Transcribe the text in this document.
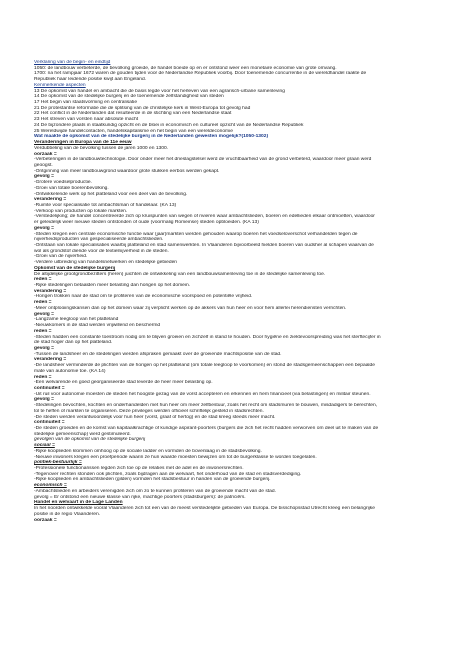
Verklaring van de begin- en eindtijd
1050: de landbouw verbeterde, de bevolking groeide, de handel boeide op en er ontstond weer een monetaire economie van grote omvang.
1700: na het rampjaar 1672 waren de gouden tijden voor de Nederlandse Republiek voorbij. Door toenemende concurrentie in de wereldhandel raakte de
Republiek haar leidende positie kwijt aan Engeland.
Kenmerkende aspecten
13 De opkomst van handel en ambacht die de basis legde voor het herleven van een agrarisch-urbane samenleving
14 De opkomst van de stedelijke burgerij en de toenemende zelfstandigheid van steden
17 Het begin van staatsvorming en centralisatie
21 De protestantse reformatie die de splitsing van de christelijke kerk in West-Europa tot gevolg had
22 Het conflict in de Nederlanden dat resulteerde in de stichting van een Nederlandse staat
23 Het streven van vorsten naar absolute macht
24 De bijzondere plaats in staatkundig opzicht en de bloei in economisch en cultureel opzicht van de Nederlandse Republiek
25 Wereldwijde handelcontacten, handelskapitalisme en het begin van een wereldeconomie
Wat maakte de opkomst van de stedelijke burgerij in de Nederlanden gewesten mogelijk?(1050-1302)
Veranderingen in Europa van de 11e eeuw
Verdubbeling van de bevolking tussen de jaren 1000 en 1300.
oorzaak =
-Verbeteringen in de landbouwtechnologie. Door onder meer het drieslagstelsel werd de vruchtbaarheid van de grond verbeterd, waardoor meer graan werd
geoogst.
-Ontginning van meer landbouwgrond waardoor grote stukken eerbos werden gekapt.
gevolg =
-Grotere voedselproductie.
-Groei van totale boerenbevolking.
-Ontwikkelende werk op het platteland voor een deel van de bevolking.
verandering =
-Ruimte voor specialisatie tot ambachtsman of handelaar. (KA 13)
-Verkoop van producten op lokale markten.
-Verstedelijking; de handel concentreerde zich op kruispunten van wegen of rivieren waar ambachtslieden, boeren en edellieden elkaar ontmoetten, waardoor
er geleidelijk weer nieuwe steden ontstonden of oude (voormalig Romeinse) steden opbloeiden. (KA 13)
gevolg =
-Steden kregen een centrale economische functie waar (jaar)markten werden gehouden waarop boeren het voedseloverschot verhandelden tegen de
nijverheidsproducten van gespecialiseerde ambachtslieden.
-Ontstaan van lokale specialisaties waarbij platteland en stad samenwerkten. In Vlaanderen bijvoorbeeld hielden boeren van oudsher al schapen waarvan de
wol als grondstof diende voor de textielnijverheid in de steden.
-Groei van de nijverheid.
-Verdere uitbreiding van handelsnetwerken en stedelijke gebieden
Opkomst van de stedelijke burgerij
De altijdelijke grootgrondbezitters (heren) juichten de ontwikkeling van een landbouwsamenleving toe in de stedelijke samenleving toe.
reden =
-Rijke stedelingen betaalden meer belasting dan horigen op het domein.
verandering =
-Horigen trokken naar de stad om te profiteren van de economische voorspoed en potentiële vrijheid.
reden =
-Meer ontplooiingskansen dan op het domein waar zij verplicht werken op de akkers van hun heer en voor hem allerlei herendiensten verrichten.
gevolg =
-Langzame leegloop van het platteland
-Nieuwkomers in de stad werden vrijwillend en beschermd
reden =
-Steden hadden een constante toestroom nodig om te blijven groeien en zichzelf in stand te houden. Door hygiëne en ziektevoorspreiding was het sterftecijfer in
de stad hoger dan op het platteland.
gevolg =
-Tussen de landsheer en de stedelingen werden afspraken gemaakt over de groeiende machtspositie van de stad.
verandering =
-De landsheer verminderde de plichten van de horigen op het platteland (om totale leegloop te voorkomen) en stond de stadsgemeenschappen een bepaalde
mate van autonomie toe. (KA 14)
reden =
-Een welvarende en goed georganiseerde stad leverde de heer meer belasting op.
continuiteit =
-Uit ruil voor autonomie moesten de steden het hoogste gezag van de vorst accepteren en erkennen en hem financieel (via belastingen) en militair steunen.
gevolg =
-Stedelingen bevochten, kochten en onderhandelden met hun heer om meer zelfbestuur, zoals het recht om stadsmuren te bouwen, misdadigers te berechten,
tol te heffen of markten te organiseren. Deze privileges werden officieel schriftelijk gesteld in stadsrechten.
-De steden werden verantwoordelijk voor hun heer (vorst, graaf of hertog) en de stad kreeg steeds meer macht.
continuiteit =
-De steden groeiden en de komst van kapitaalkrachtige of kundige aspirant-poorters (burgers die zich het recht hadden verworven om deel uit te maken van de
stedelijke gemeenschap) werd gestimuleerd.
gevolgen van de opkomst van de stedelijke burgerij
sociaal =
-Rijke kooplieden klommen omhoog op de sociale ladder en vormden de bovenlaag in de stadsbevolking.
-Nieuwe inwoners kregen een proefperiode waarin ze hun waarde moesten bewijzen om tot de burgerklasse te worden toegelaten.
politiek-bestuurlijk =
-Professionele functionarissen legden zich toe op de relaties met de adel en de inwonersrechten.
-Tegenover rechten stonden ook plichten, zoals bijdragen aan de welvaart, het onderhoud van de stad en stadsverdediging.
-Rijke kooplieden en ambachtslieden (gilden) vormden het stadsbestuur in handen van de groeiende burgerij.
economisch =
-Ambachtslieden en arbeiders verenigden zich om zo te kunnen profiteren van de groeiende macht van de stad.
gevolg = Er ontstond een nieuwe klasse van rijke, machtige poorters (stadsburgers): de patriciërs.
Handel en welvaart in de Lage Landen
In het noorden ontwikkelde vooral Vlaanderen zich tot een van de meest verstedelijkte gebieden van Europa. De bisschopsstad Utrecht kreeg een belangrijke
positie in de regio Vlaanderen.
oorzaak =
